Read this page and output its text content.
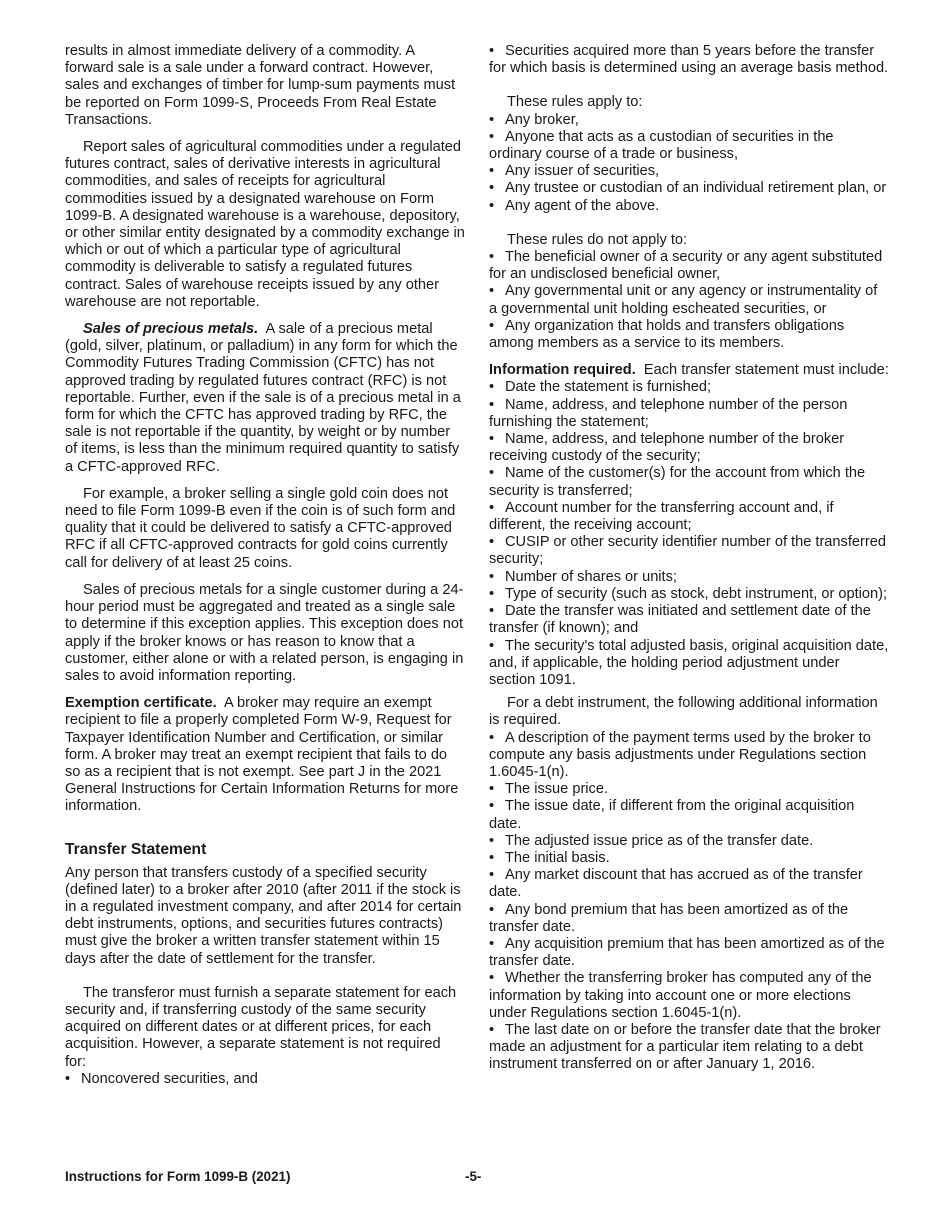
results in almost immediate delivery of a commodity. A forward sale is a sale under a forward contract. However, sales and exchanges of timber for lump-sum payments must be reported on Form 1099-S, Proceeds From Real Estate Transactions.

Report sales of agricultural commodities under a regulated futures contract, sales of derivative interests in agricultural commodities, and sales of receipts for agricultural commodities issued by a designated warehouse on Form 1099-B. A designated warehouse is a warehouse, depository, or other similar entity designated by a commodity exchange in which or out of which a particular type of agricultural commodity is deliverable to satisfy a regulated futures contract. Sales of warehouse receipts issued by any other warehouse are not reportable.

Sales of precious metals. A sale of a precious metal (gold, silver, platinum, or palladium) in any form for which the Commodity Futures Trading Commission (CFTC) has not approved trading by regulated futures contract (RFC) is not reportable. Further, even if the sale is of a precious metal in a form for which the CFTC has approved trading by RFC, the sale is not reportable if the quantity, by weight or by number of items, is less than the minimum required quantity to satisfy a CFTC-approved RFC.

For example, a broker selling a single gold coin does not need to file Form 1099-B even if the coin is of such form and quality that it could be delivered to satisfy a CFTC-approved RFC if all CFTC-approved contracts for gold coins currently call for delivery of at least 25 coins.

Sales of precious metals for a single customer during a 24-hour period must be aggregated and treated as a single sale to determine if this exception applies. This exception does not apply if the broker knows or has reason to know that a customer, either alone or with a related person, is engaging in sales to avoid information reporting.

Exemption certificate. A broker may require an exempt recipient to file a properly completed Form W-9, Request for Taxpayer Identification Number and Certification, or similar form. A broker may treat an exempt recipient that fails to do so as a recipient that is not exempt. See part J in the 2021 General Instructions for Certain Information Returns for more information.

Transfer Statement

Any person that transfers custody of a specified security (defined later) to a broker after 2010 (after 2011 if the stock is in a regulated investment company, and after 2014 for certain debt instruments, options, and securities futures contracts) must give the broker a written transfer statement within 15 days after the date of settlement for the transfer.

The transferor must furnish a separate statement for each security and, if transferring custody of the same security acquired on different dates or at different prices, for each acquisition. However, a separate statement is not required for:

• Noncovered securities, and
• Securities acquired more than 5 years before the transfer for which basis is determined using an average basis method.

These rules apply to:

• Any broker,
• Anyone that acts as a custodian of securities in the ordinary course of a trade or business,
• Any issuer of securities,
• Any trustee or custodian of an individual retirement plan, or
• Any agent of the above.

These rules do not apply to:

• The beneficial owner of a security or any agent substituted for an undisclosed beneficial owner,
• Any governmental unit or any agency or instrumentality of a governmental unit holding escheated securities, or
• Any organization that holds and transfers obligations among members as a service to its members.

Information required. Each transfer statement must include:

• Date the statement is furnished;
• Name, address, and telephone number of the person furnishing the statement;
• Name, address, and telephone number of the broker receiving custody of the security;
• Name of the customer(s) for the account from which the security is transferred;
• Account number for the transferring account and, if different, the receiving account;
• CUSIP or other security identifier number of the transferred security;
• Number of shares or units;
• Type of security (such as stock, debt instrument, or option);
• Date the transfer was initiated and settlement date of the transfer (if known); and
• The security's total adjusted basis, original acquisition date, and, if applicable, the holding period adjustment under section 1091.

For a debt instrument, the following additional information is required.

• A description of the payment terms used by the broker to compute any basis adjustments under Regulations section 1.6045-1(n).
• The issue price.
• The issue date, if different from the original acquisition date.
• The adjusted issue price as of the transfer date.
• The initial basis.
• Any market discount that has accrued as of the transfer date.
• Any bond premium that has been amortized as of the transfer date.
• Any acquisition premium that has been amortized as of the transfer date.
• Whether the transferring broker has computed any of the information by taking into account one or more elections under Regulations section 1.6045-1(n).
• The last date on or before the transfer date that the broker made an adjustment for a particular item relating to a debt instrument transferred on or after January 1, 2016.
Instructions for Form 1099-B (2021)	-5-
